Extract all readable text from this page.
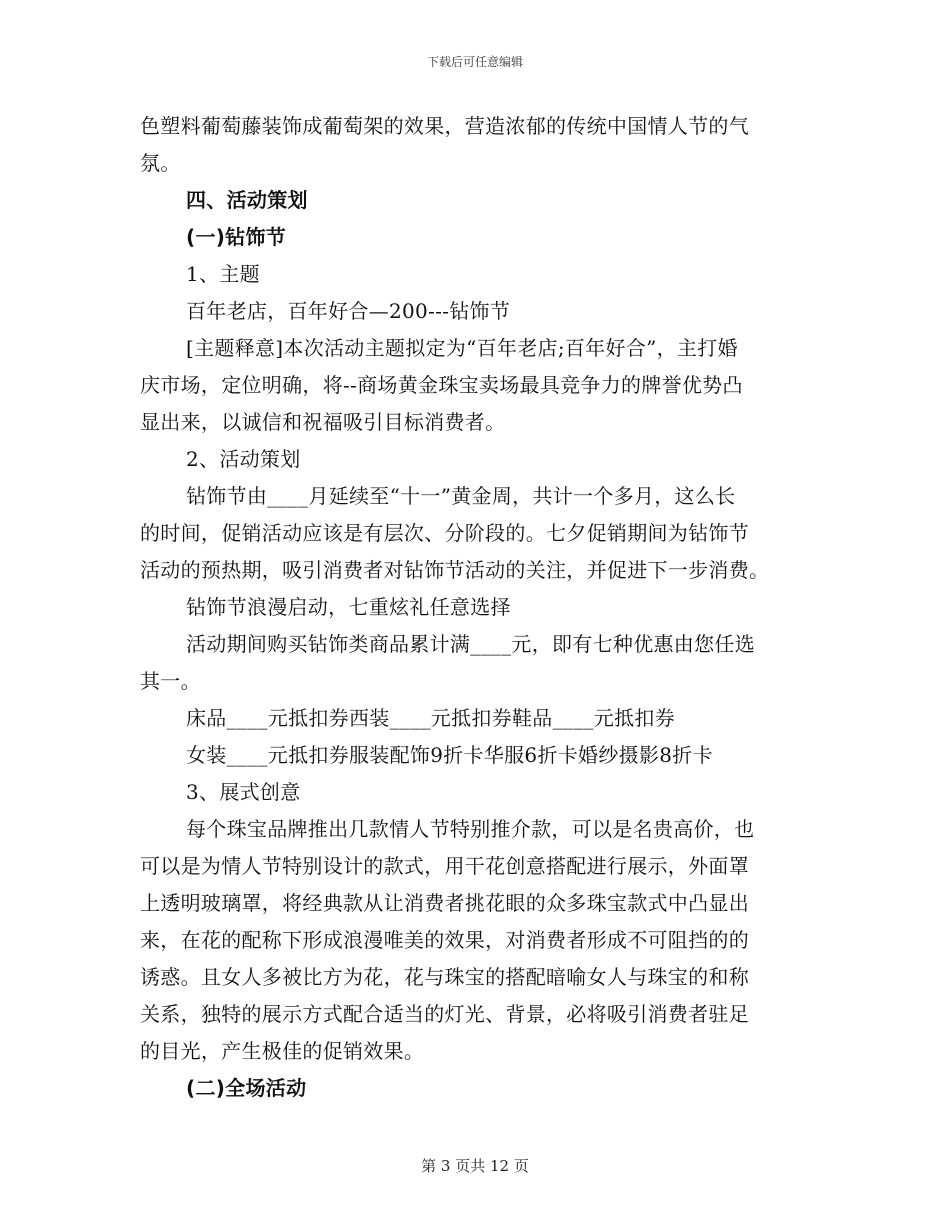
下载后可任意编辑

色塑料葡萄藤装饰成葡萄架的效果，营造浓郁的传统中国情人节的气

氛。

四、活动策划

(一)钻饰节

1、主题

百年老店，百年好合—200---钻饰节

[主题释意]本次活动主题拟定为“百年老店;百年好合”，主打婚

庆市场，定位明确，将--商场黄金珠宝卖场最具竞争力的牌誉优势凸

显出来，以诚信和祝福吸引目标消费者。

2、活动策划

钻饰节由____月延续至“十一”黄金周，共计一个多月，这么长

的时间，促销活动应该是有层次、分阶段的。七夕促销期间为钻饰节

活动的预热期，吸引消费者对钻饰节活动的关注，并促进下一步消费。

钻饰节浪漫启动，七重炫礼任意选择

活动期间购买钻饰类商品累计满____元，即有七种优惠由您任选

其一。

床品____元抵扣券西装____元抵扣券鞋品____元抵扣券

女装____元抵扣券服装配饰9折卡华服6折卡婚纱摄影8折卡

3、展式创意

每个珠宝品牌推出几款情人节特别推介款，可以是名贵高价，也

可以是为情人节特别设计的款式，用干花创意搭配进行展示，外面罩

上透明玻璃罩，将经典款从让消费者挑花眼的众多珠宝款式中凸显出

来，在花的配称下形成浪漫唯美的效果，对消费者形成不可阻挡的的

诱惑。且女人多被比方为花，花与珠宝的搭配暗喻女人与珠宝的和称

关系，独特的展示方式配合适当的灯光、背景，必将吸引消费者驻足

的目光，产生极佳的促销效果。

(二)全场活动

第 3 页共 12 页
